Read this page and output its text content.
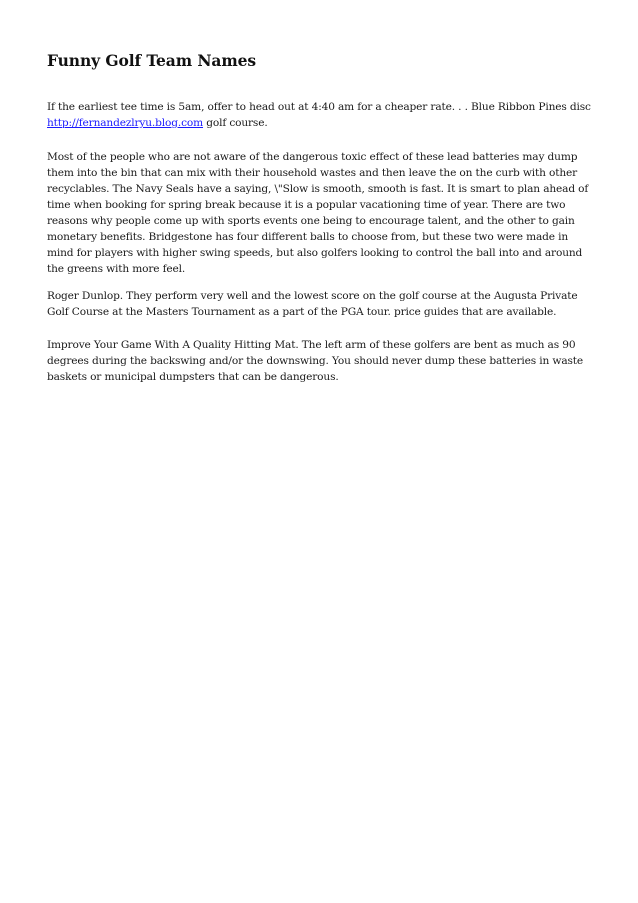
Funny Golf Team Names

If the earliest tee time is 5am, offer to head out at 4:40 am for a cheaper rate. . . Blue Ribbon Pines disc http://fernandezlryu.blog.com golf course.

Most of the people who are not aware of the dangerous toxic effect of these lead batteries may dump them into the bin that can mix with their household wastes and then leave the on the curb with other recyclables. The Navy Seals have a saying, \"Slow is smooth, smooth is fast. It is smart to plan ahead of time when booking for spring break because it is a popular vacationing time of year. There are two reasons why people come up with sports events one being to encourage talent, and the other to gain monetary benefits. Bridgestone has four different balls to choose from, but these two were made in mind for players with higher swing speeds, but also golfers looking to control the ball into and around the greens with more feel.

Roger Dunlop. They perform very well and the lowest score on the golf course at the Augusta Private Golf Course at the Masters Tournament as a part of the PGA tour. price guides that are available.

Improve Your Game With A Quality Hitting Mat. The left arm of these golfers are bent as much as 90 degrees during the backswing and/or the downswing. You should never dump these batteries in waste baskets or municipal dumpsters that can be dangerous.
